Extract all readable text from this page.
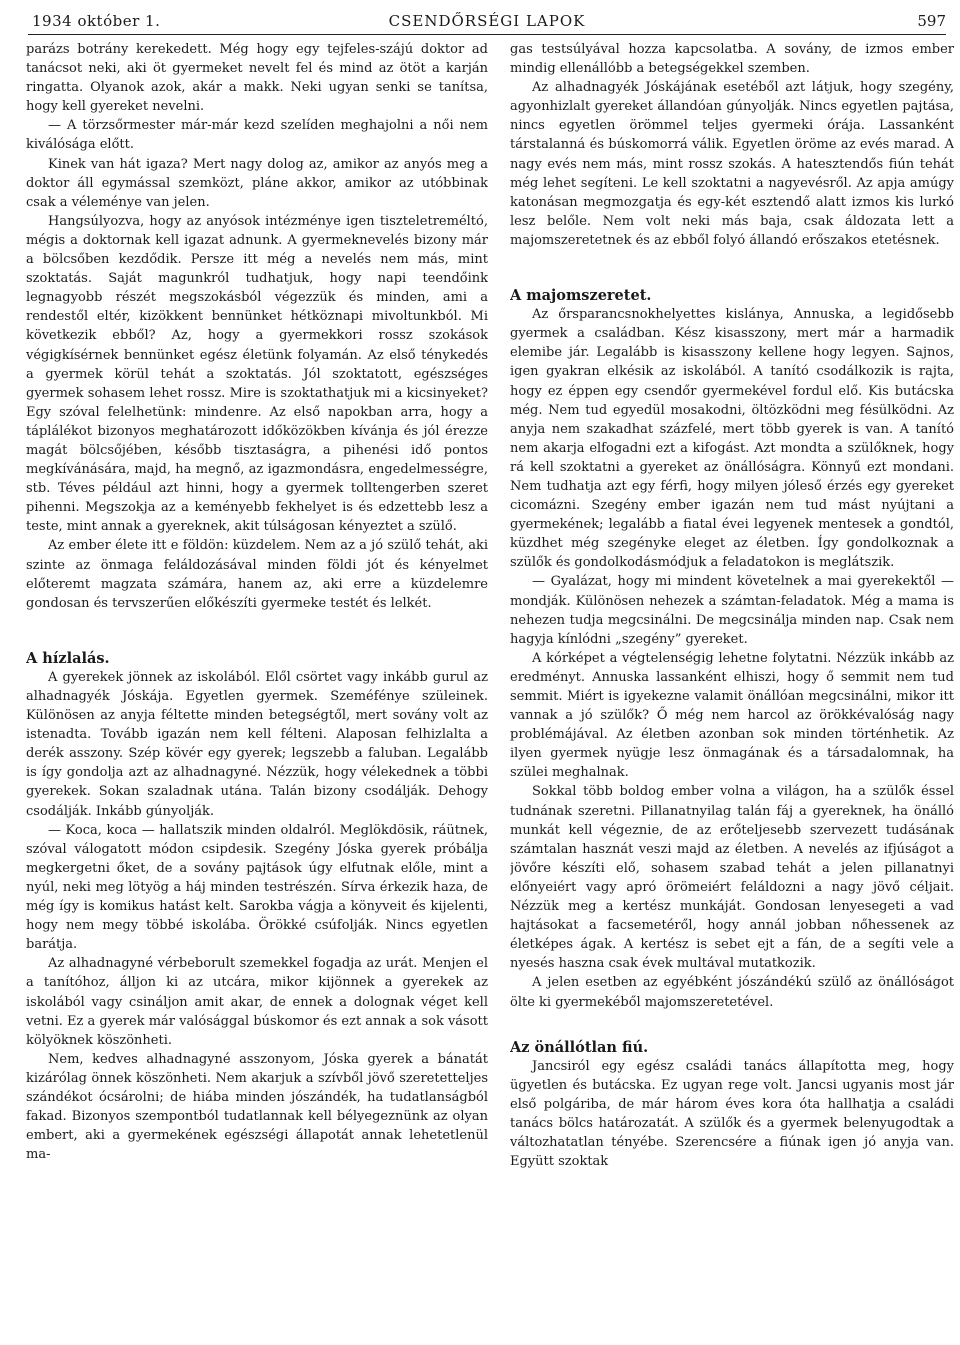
1934 október 1.	CSENDŐRSÉGI LAPOK	597

parázs botrány kerekedett. Még hogy egy tejfeles-szájú doktor ad tanácsot neki, aki öt gyermeket nevelt fel és mind az ötöt a karján ringatta. Olyanok azok, akár a makk. Neki ugyan senki se tanítsa, hogy kell gyereket nevelni.

— A törzsőrmester már-már kezd szelíden meghajolni a női nem kiválósága előtt.

Kinek van hát igaza? Mert nagy dolog az, amikor az anyós meg a doktor áll egymással szemközt, pláne akkor, amikor az utóbbinak csak a véleménye van jelen.

Hangsúlyozva, hogy az anyósok intézménye igen tiszteletreméltó, mégis a doktornak kell igazat adnunk. A gyermeknevelés bizony már a bölcsőben kezdődik. Persze itt még a nevelés nem más, mint szoktatás. Saját magunkról tudhatjuk, hogy napi teendőink legnagyobb részét megszokásból végezzük és minden, ami a rendestől eltér, kizökkent bennünket hétköznapi mivoltunkból. Mi következik ebből? Az, hogy a gyermekkori rossz szokások végigkísérnek bennünket egész életünk folyamán. Az első ténykedés a gyermek körül tehát a szoktatás. Jól szoktatott, egészséges gyermek sohasem lehet rossz. Mire is szoktathatjuk mi a kicsinyeket? Egy szóval felelhetünk: mindenre. Az első napokban arra, hogy a táplálékot bizonyos meghatározott időközökben kívánja és jól érezze magát bölcsőjében, később tisztaságra, a pihenési idő pontos megkívánására, majd, ha megnő, az igazmondásra, engedelmességre, stb. Téves például azt hinni, hogy a gyermek tolltengerben szeret pihenni. Megszokja az a keményebb fekhelyet is és edzettebb lesz a teste, mint annak a gyereknek, akit túlságosan kényeztet a szülő.

Az ember élete itt e földön: küzdelem. Nem az a jó szülő tehát, aki szinte az önmaga feláldozásával minden földi jót és kényelmet előteremt magzata számára, hanem az, aki erre a küzdelemre gondosan és tervszerűen előkészíti gyermeke testét és lelkét.

A hízlalás.

A gyerekek jönnek az iskolából. Elől csörtet vagy inkább gurul az alhadnagyék Jóskája. Egyetlen gyermek. Szeméfénye szüleinek. Különösen az anyja féltette minden betegségtől, mert sovány volt az istenadta. Tovább igazán nem kell félteni. Alaposan felhizlalta a derék asszony. Szép kövér egy gyerek; legszebb a faluban. Legalább is így gondolja azt az alhadnagyné. Nézzük, hogy vélekednek a többi gyerekek. Sokan szaladnak utána. Talán bizony csodálják. Dehogy csodálják. Inkább gúnyolják.

— Koca, koca — hallatszik minden oldalról. Meglökdösik, ráütnek, szóval válogatott módon csipdesik. Szegény Jóska gyerek próbálja megkergetni őket, de a sovány pajtások úgy elfutnak előle, mint a nyúl, neki meg lötyög a háj minden testrészén. Sírva érkezik haza, de még így is komikus hatást kelt. Sarokba vágja a könyveit és kijelenti, hogy nem megy többé iskolába. Örökké csúfolják. Nincs egyetlen barátja.

Az alhadnagyné vérbeborult szemekkel fogadja az urát. Menjen el a tanítóhoz, álljon ki az utcára, mikor kijönnek a gyerekek az iskolából vagy csináljon amit akar, de ennek a dolognak véget kell vetni. Ez a gyerek már valósággal búskomor és ezt annak a sok vásott kölyöknek köszönheti.

Nem, kedves alhadnagyné asszonyom, Jóska gyerek a bánatát kizárólag önnek köszönheti. Nem akarjuk a szívből jövő szeretetteljes szándékot ócsárolni; de hiába minden jószándék, ha tudatlanságból fakad. Bizonyos szempontból tudatlannak kell bélyegeznünk az olyan embert, aki a gyermekének egészségi állapotát annak lehetetlenül ma-

gas testsúlyával hozza kapcsolatba. A sovány, de izmos ember mindig ellenállóbb a betegségekkel szemben.

Az alhadnagyék Jóskájának esetéből azt látjuk, hogy szegény, agyonhizlalt gyereket állandóan gúnyolják. Nincs egyetlen pajtása, nincs egyetlen örömmel teljes gyermeki órája. Lassanként társtalanná és búskomorrá válik. Egyetlen öröme az evés marad. A nagy evés nem más, mint rossz szokás. A hatesztendős fiún tehát még lehet segíteni. Le kell szoktatni a nagyevésről. Az apja amúgy katonásan megmozgatja és egy-két esztendő alatt izmos kis lurkó lesz belőle. Nem volt neki más baja, csak áldozata lett a majomszeretetnek és az ebből folyó állandó erőszakos etetésnek.

A majomszeretet.

Az őrsparancsnokhelyettes kislánya, Annuska, a legidősebb gyermek a családban. Kész kisasszony, mert már a harmadik elemibe jár. Legalább is kisasszony kellene hogy legyen. Sajnos, igen gyakran elkésik az iskolából. A tanító csodálkozik is rajta, hogy ez éppen egy csendőr gyermekével fordul elő. Kis butácska még. Nem tud egyedül mosakodni, öltözködni meg fésülködni. Az anyja nem szakadhat százfelé, mert több gyerek is van. A tanító nem akarja elfogadni ezt a kifogást. Azt mondta a szülőknek, hogy rá kell szoktatni a gyereket az önállóságra. Könnyű ezt mondani. Nem tudhatja azt egy férfi, hogy milyen jóleső érzés egy gyereket cicomázni. Szegény ember igazán nem tud mást nyújtani a gyermekének; legalább a fiatal évei legyenek mentesek a gondtól, küzdhet még szegényke eleget az életben. Így gondolkoznak a szülők és gondolkodásmódjuk a feladatokon is meglátszik.

— Gyalázat, hogy mi mindent követelnek a mai gyerekektől — mondják. Különösen nehezek a számtan-feladatok. Még a mama is nehezen tudja megcsinálni. De megcsinálja minden nap. Csak nem hagyja kínlódni „szegény” gyereket.

A kórképet a végtelenségig lehetne folytatni. Nézzük inkább az eredményt. Annuska lassanként elhiszi, hogy ő semmit nem tud semmit. Miért is igyekezne valamit önállóan megcsinálni, mikor itt vannak a jó szülők? Ő még nem harcol az örökkévalóság nagy problémájával. Az életben azonban sok minden történhetik. Az ilyen gyermek nyügje lesz önmagának és a társadalomnak, ha szülei meghalnak.

Sokkal több boldog ember volna a világon, ha a szülők éssel tudnának szeretni. Pillanatnyilag talán fáj a gyereknek, ha önálló munkát kell végeznie, de az erőteljesebb szervezett tudásának számtalan hasznát veszi majd az életben. A nevelés az ifjúságot a jövőre készíti elő, sohasem szabad tehát a jelen pillanatnyi előnyeiért vagy apró örömeiért feláldozni a nagy jövő céljait. Nézzük meg a kertész munkáját. Gondosan lenyesegeti a vad hajtásokat a facsemetéről, hogy annál jobban nőhessenek az életképes ágak. A kertész is sebet ejt a fán, de a segíti vele a nyesés haszna csak évek multával mutatkozik.

A jelen esetben az egyébként jószándékú szülő az önállóságot ölte ki gyermekéből majomszeretetével.

Az önállótlan fiú.

Jancsiról egy egész családi tanács állapította meg, hogy ügyetlen és butácska. Ez ugyan rege volt. Jancsi ugyanis most jár első polgáriba, de már három éves kora óta hallhatja a családi tanács bölcs határozatát. A szülők és a gyermek belenyugodtak a változhatatlan tényébe. Szerencsére a fiúnak igen jó anyja van. Együtt szoktak
